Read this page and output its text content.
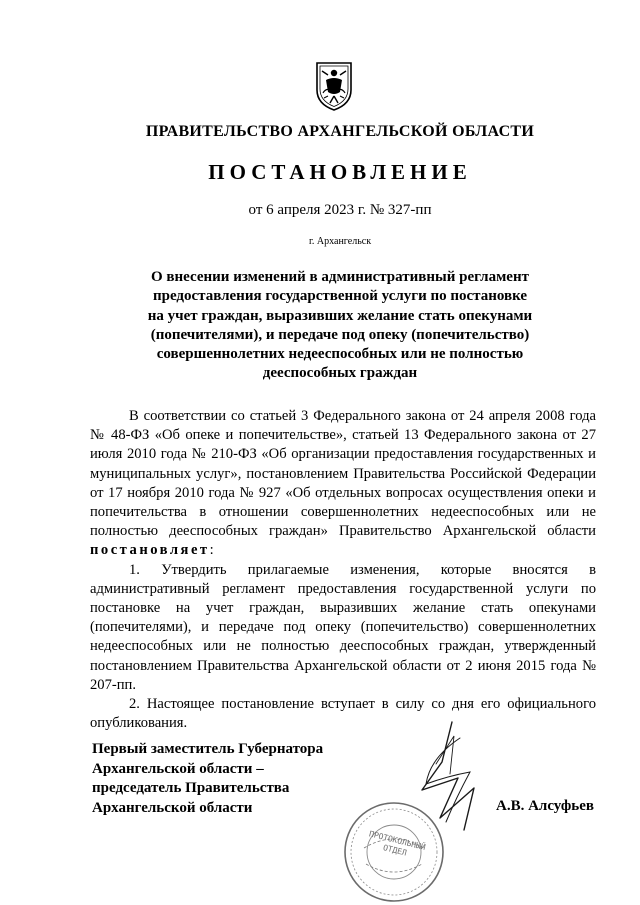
ПРАВИТЕЛЬСТВО АРХАНГЕЛЬСКОЙ ОБЛАСТИ
ПОСТАНОВЛЕНИЕ
от 6 апреля 2023 г. № 327-пп
г. Архангельск
О внесении изменений в административный регламент
предоставления государственной услуги по постановке
на учет граждан, выразивших желание стать опекунами
(попечителями), и передаче под опеку (попечительство)
совершеннолетних недееспособных или не полностью
дееспособных граждан

В соответствии со статьей 3 Федерального закона от 24 апреля 2008 года № 48-ФЗ «Об опеке и попечительстве», статьей 13 Федерального закона от 27 июля 2010 года № 210-ФЗ «Об организации предоставления государственных и муниципальных услуг», постановлением Правительства Российской Федерации от 17 ноября 2010 года № 927 «Об отдельных вопросах осуществления опеки и попечительства в отношении совершеннолетних недееспособных или не полностью дееспособных граждан» Правительство Архангельской области постановляет:

1. Утвердить прилагаемые изменения, которые вносятся в административный регламент предоставления государственной услуги по постановке на учет граждан, выразивших желание стать опекунами (попечителями), и передаче под опеку (попечительство) совершеннолетних недееспособных или не полностью дееспособных граждан, утвержденный постановлением Правительства Архангельской области от 2 июня 2015 года № 207-пп.

2. Настоящее постановление вступает в силу со дня его официального опубликования.

ПРОТОКОЛЬНЫЙ ОТДЕЛ
Первый заместитель Губернатора
Архангельской области –
председатель Правительства
Архангельской области	А.В. Алсуфьев
